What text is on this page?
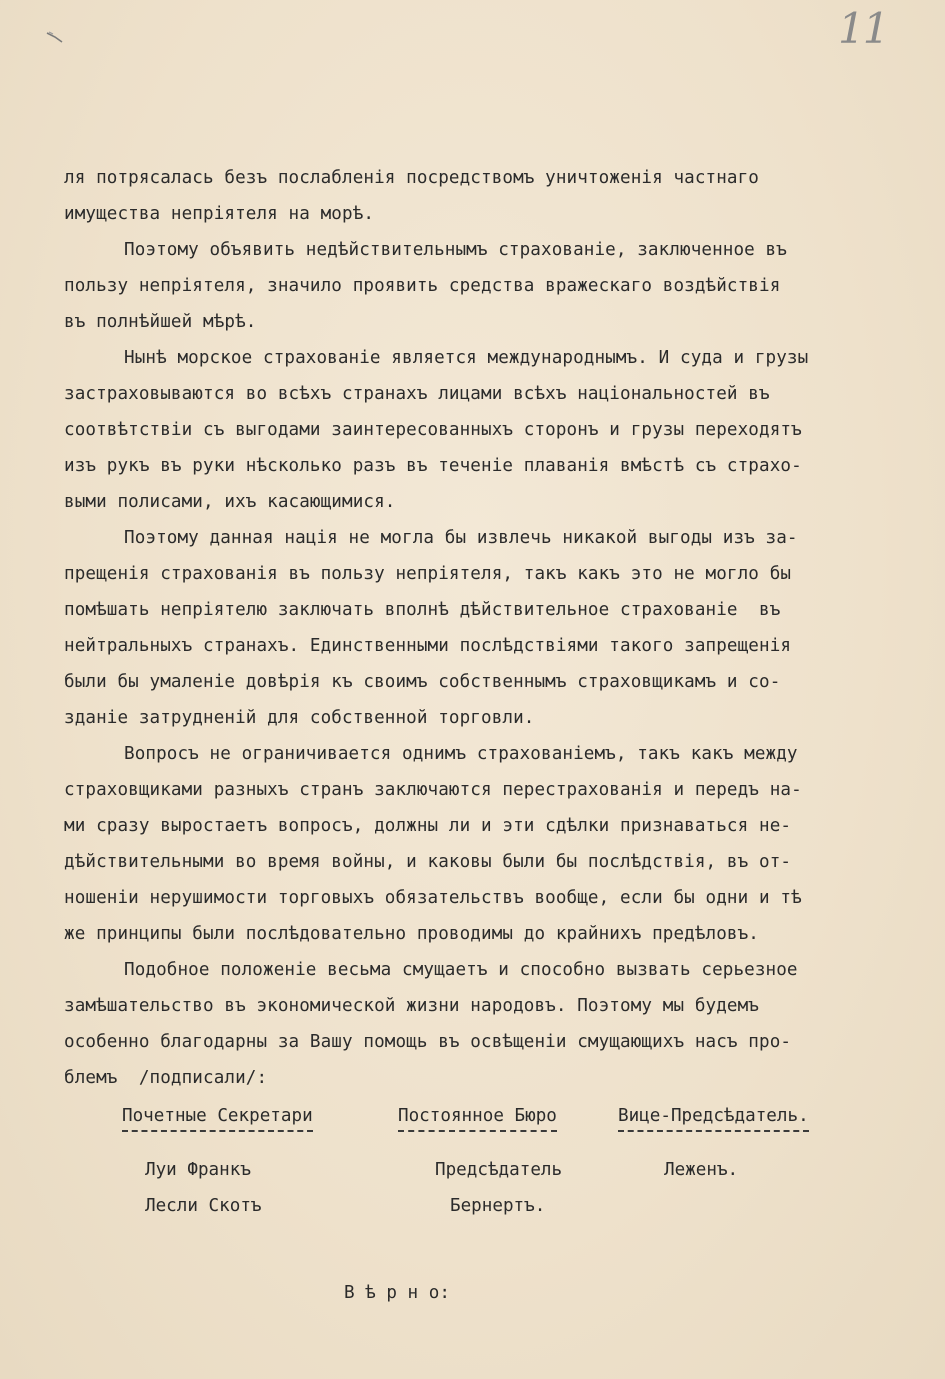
11
ля потрясалась безъ послабленія посредствомъ уничтоженія частнаго
имущества непріятеля на морѣ.
Поэтому объявить недѣйствительнымъ страхованіе, заключенное въ
пользу непріятеля, значило проявить средства вражескаго воздѣйствія
въ полнѣйшей мѣрѣ.
Нынѣ морское страхованіе является международнымъ. И суда и грузы
застраховываются во всѣхъ странахъ лицами всѣхъ національностей въ
соотвѣтствіи съ выгодами заинтересованныхъ сторонъ и грузы переходятъ
изъ рукъ въ руки нѣсколько разъ въ теченіе плаванія вмѣстѣ съ страхо-
выми полисами, ихъ касающимися.
Поэтому данная нація не могла бы извлечь никакой выгоды изъ за-
прещенія страхованія въ пользу непріятеля, такъ какъ это не могло бы
помѣшать непріятелю заключать вполнѣ дѣйствительное страхованіе  въ
нейтральныхъ странахъ. Единственными послѣдствіями такого запрещенія
были бы умаленіе довѣрія къ своимъ собственнымъ страховщикамъ и со-
зданіе затрудненій для собственной торговли.
Вопросъ не ограничивается однимъ страхованіемъ, такъ какъ между
страховщиками разныхъ странъ заключаются перестрахованія и передъ на-
ми сразу выростаетъ вопросъ, должны ли и эти сдѣлки признаваться не-
дѣйствительными во время войны, и каковы были бы послѣдствія, въ от-
ношеніи нерушимости торговыхъ обязательствъ вообще, если бы одни и тѣ
же принципы были послѣдовательно проводимы до крайнихъ предѣловъ.
Подобное положеніе весьма смущаетъ и способно вызвать серьезное
замѣшательство въ экономической жизни народовъ. Поэтому мы будемъ
особенно благодарны за Вашу помощь въ освѣщеніи смущающихъ насъ про-
блемъ  /подписали/:
Почетные Секретари	Постоянное Бюро	Вице-Предсѣдатель.
Луи Франкъ
Лесли Скотъ
Предсѣдатель
Бернертъ.
Леженъ.
В ѣ р н о:
